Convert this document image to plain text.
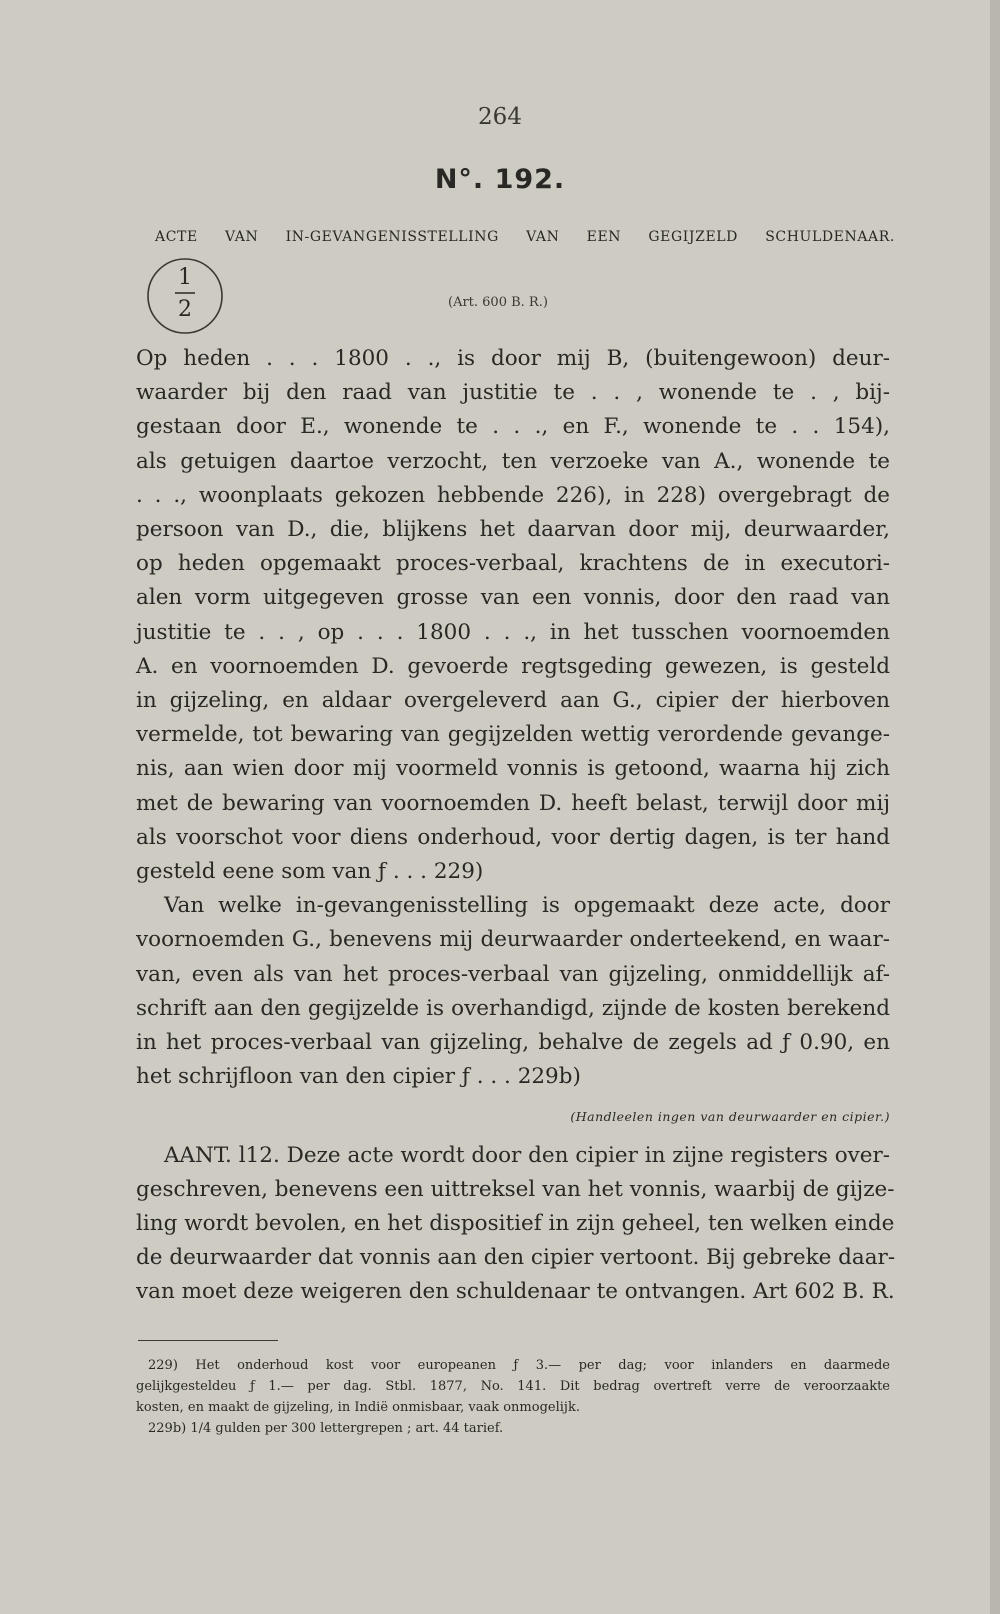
264
N°. 192.
ACTE VAN IN-GEVANGENISSTELLING VAN EEN GEGIJZELD SCHULDENAAR.
1
2	(Art. 600 B. R.)
Op heden . . . 1800 . ., is door mij B, (buitengewoon) deur-
waarder bij den raad van justitie te . . , wonende te . , bij-
gestaan door E., wonende te . . ., en F., wonende te . . 154),
als getuigen daartoe verzocht, ten verzoeke van A., wonende te
. . ., woonplaats gekozen hebbende 226), in 228) overgebragt de
persoon van D., die, blijkens het daarvan door mij, deurwaarder,
op heden opgemaakt proces-verbaal, krachtens de in executori-
alen vorm uitgegeven grosse van een vonnis, door den raad van
justitie te . . , op . . . 1800 . . ., in het tusschen voornoemden
A. en voornoemden D. gevoerde regtsgeding gewezen, is gesteld
in gijzeling, en aldaar overgeleverd aan G., cipier der hierboven
vermelde, tot bewaring van gegijzelden wettig verordende gevange-
nis, aan wien door mij voormeld vonnis is getoond, waarna hij zich
met de bewaring van voornoemden D. heeft belast, terwijl door mij
als voorschot voor diens onderhoud, voor dertig dagen, is ter hand
gesteld eene som van ƒ . . . 229)
Van welke in-gevangenisstelling is opgemaakt deze acte, door
voornoemden G., benevens mij deurwaarder onderteekend, en waar-
van, even als van het proces-verbaal van gijzeling, onmiddellijk af-
schrift aan den gegijzelde is overhandigd, zijnde de kosten berekend
in het proces-verbaal van gijzeling, behalve de zegels ad ƒ 0.90, en
het schrijfloon van den cipier ƒ . . . 229b)
(Handleelen ingen van deurwaarder en cipier.)
AANT. l12. Deze acte wordt door den cipier in zijne registers over-
geschreven, benevens een uittreksel van het vonnis, waarbij de gijze-
ling wordt bevolen, en het dispositief in zijn geheel, ten welken einde
de deurwaarder dat vonnis aan den cipier vertoont. Bij gebreke daar-
van moet deze weigeren den schuldenaar te ontvangen. Art 602 B. R.
229) Het onderhoud kost voor europeanen ƒ 3.— per dag; voor inlanders en daarmede
gelijkgesteldeu ƒ 1.— per dag. Stbl. 1877, No. 141. Dit bedrag overtreft verre de veroorzaakte
kosten, en maakt de gijzeling, in Indië onmisbaar, vaak onmogelijk.
229b) 1/4 gulden per 300 lettergrepen ; art. 44 tarief.
